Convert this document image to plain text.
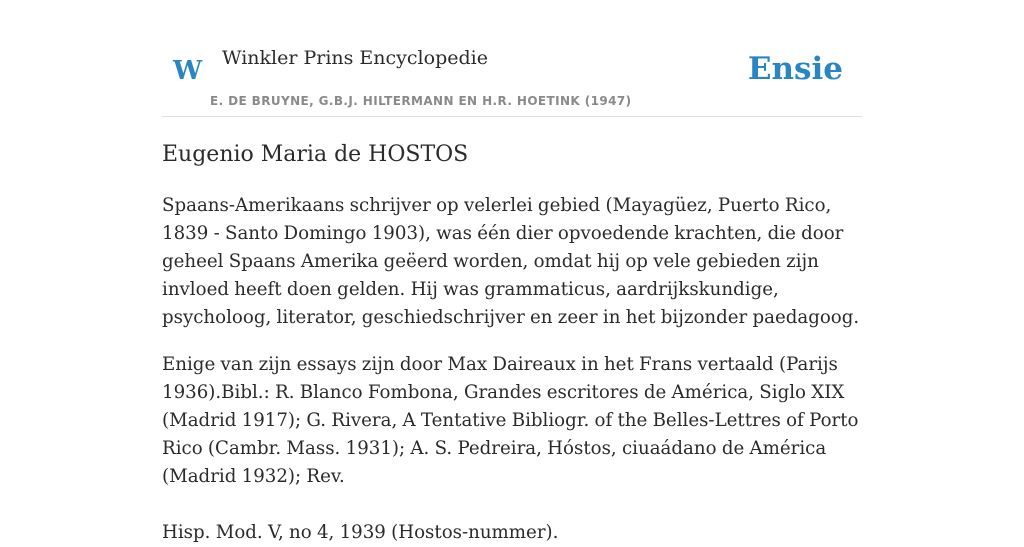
W Winkler Prins Encyclopedie
E. DE BRUYNE, G.B.J. HILTERMANN EN H.R. HOETINK (1947)
Ensie
Eugenio Maria de HOSTOS

Spaans-Amerikaans schrijver op velerlei gebied (Mayagüez, Puerto Rico, 1839 - Santo Domingo 1903), was één dier opvoedende krachten, die door geheel Spaans Amerika geëerd worden, omdat hij op vele gebieden zijn invloed heeft doen gelden. Hij was grammaticus, aardrijkskundige, psycholoog, literator, geschiedschrijver en zeer in het bijzonder paedagoog.

Enige van zijn essays zijn door Max Daireaux in het Frans vertaald (Parijs 1936).Bibl.: R. Blanco Fombona, Grandes escritores de América, Siglo XIX (Madrid 1917); G. Rivera, A Tentative Bibliogr. of the Belles-Lettres of Porto Rico (Cambr. Mass. 1931); A. S. Pedreira, Hóstos, ciuaádano de América (Madrid 1932); Rev.

Hisp. Mod. V, no 4, 1939 (Hostos-nummer).
